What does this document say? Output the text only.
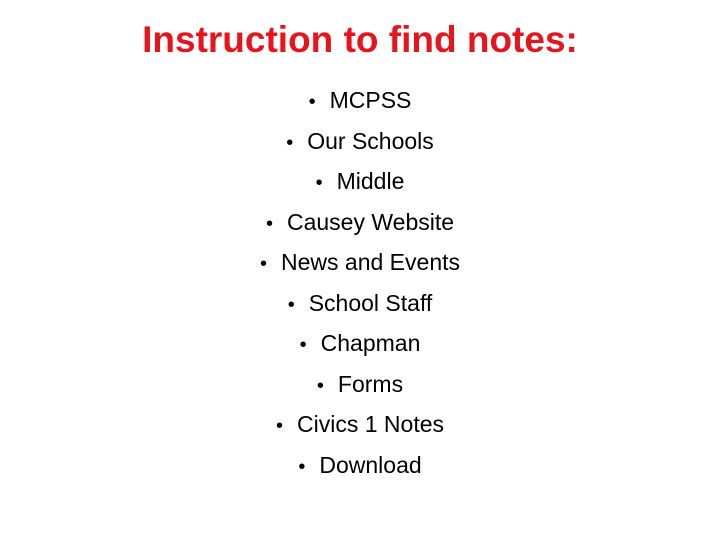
Instruction to find notes:
• MCPSS
• Our Schools
• Middle
• Causey Website
• News and Events
• School Staff
• Chapman
• Forms
• Civics 1 Notes
• Download
